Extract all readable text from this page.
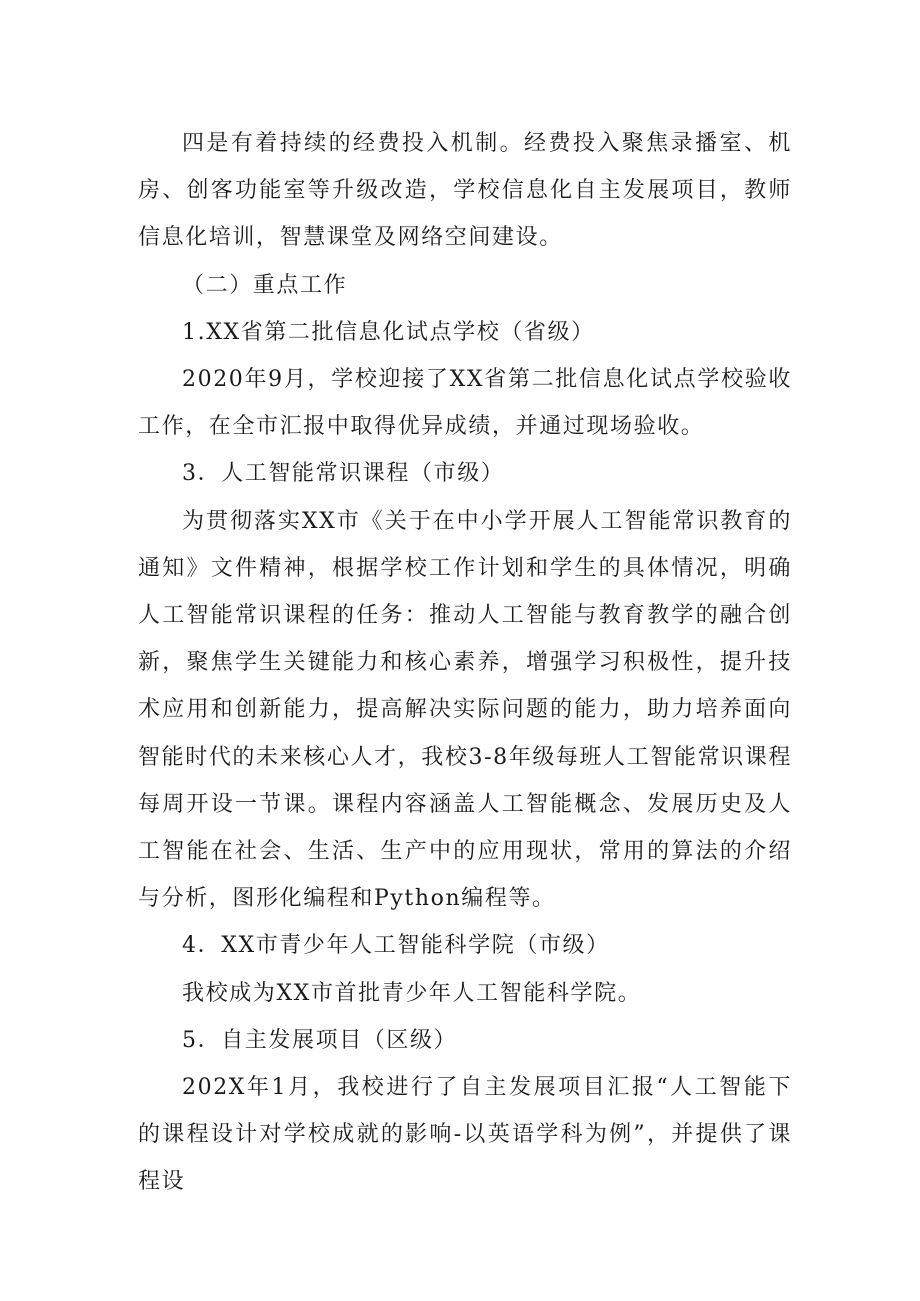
四是有着持续的经费投入机制。经费投入聚焦录播室、机房、创客功能室等升级改造，学校信息化自主发展项目，教师信息化培训，智慧课堂及网络空间建设。

（二）重点工作

1.XX省第二批信息化试点学校（省级）

2020年9月，学校迎接了XX省第二批信息化试点学校验收工作，在全市汇报中取得优异成绩，并通过现场验收。

3．人工智能常识课程（市级）

为贯彻落实XX市《关于在中小学开展人工智能常识教育的通知》文件精神，根据学校工作计划和学生的具体情况，明确人工智能常识课程的任务：推动人工智能与教育教学的融合创新，聚焦学生关键能力和核心素养，增强学习积极性，提升技术应用和创新能力，提高解决实际问题的能力，助力培养面向智能时代的未来核心人才，我校3-8年级每班人工智能常识课程每周开设一节课。课程内容涵盖人工智能概念、发展历史及人工智能在社会、生活、生产中的应用现状，常用的算法的介绍与分析，图形化编程和Python编程等。

4．XX市青少年人工智能科学院（市级）

我校成为XX市首批青少年人工智能科学院。

5．自主发展项目（区级）

202X年1月，我校进行了自主发展项目汇报“人工智能下的课程设计对学校成就的影响-以英语学科为例”，并提供了课程设
